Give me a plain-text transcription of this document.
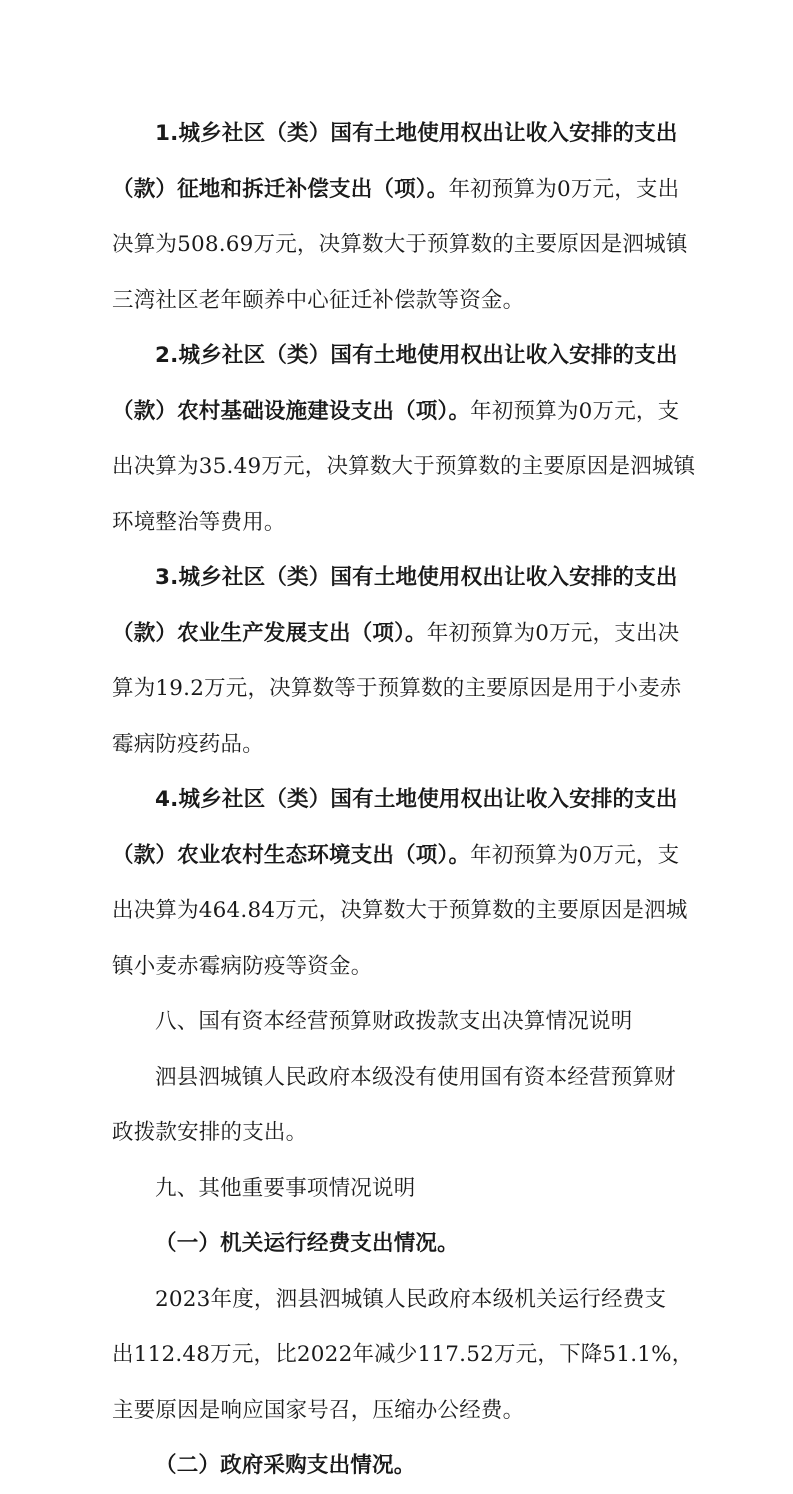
1.城乡社区（类）国有土地使用权出让收入安排的支出
（款）征地和拆迁补偿支出（项）。年初预算为0万元，支出
决算为508.69万元，决算数大于预算数的主要原因是泗城镇
三湾社区老年颐养中心征迁补偿款等资金。
2.城乡社区（类）国有土地使用权出让收入安排的支出
（款）农村基础设施建设支出（项）。年初预算为0万元，支
出决算为35.49万元，决算数大于预算数的主要原因是泗城镇
环境整治等费用。
3.城乡社区（类）国有土地使用权出让收入安排的支出
（款）农业生产发展支出（项）。年初预算为0万元，支出决
算为19.2万元，决算数等于预算数的主要原因是用于小麦赤
霉病防疫药品。
4.城乡社区（类）国有土地使用权出让收入安排的支出
（款）农业农村生态环境支出（项）。年初预算为0万元，支
出决算为464.84万元，决算数大于预算数的主要原因是泗城
镇小麦赤霉病防疫等资金。
八、国有资本经营预算财政拨款支出决算情况说明
泗县泗城镇人民政府本级没有使用国有资本经营预算财
政拨款安排的支出。
九、其他重要事项情况说明
（一）机关运行经费支出情况。
2023年度，泗县泗城镇人民政府本级机关运行经费支
出112.48万元，比2022年减少117.52万元，下降51.1%，
主要原因是响应国家号召，压缩办公经费。
（二）政府采购支出情况。
